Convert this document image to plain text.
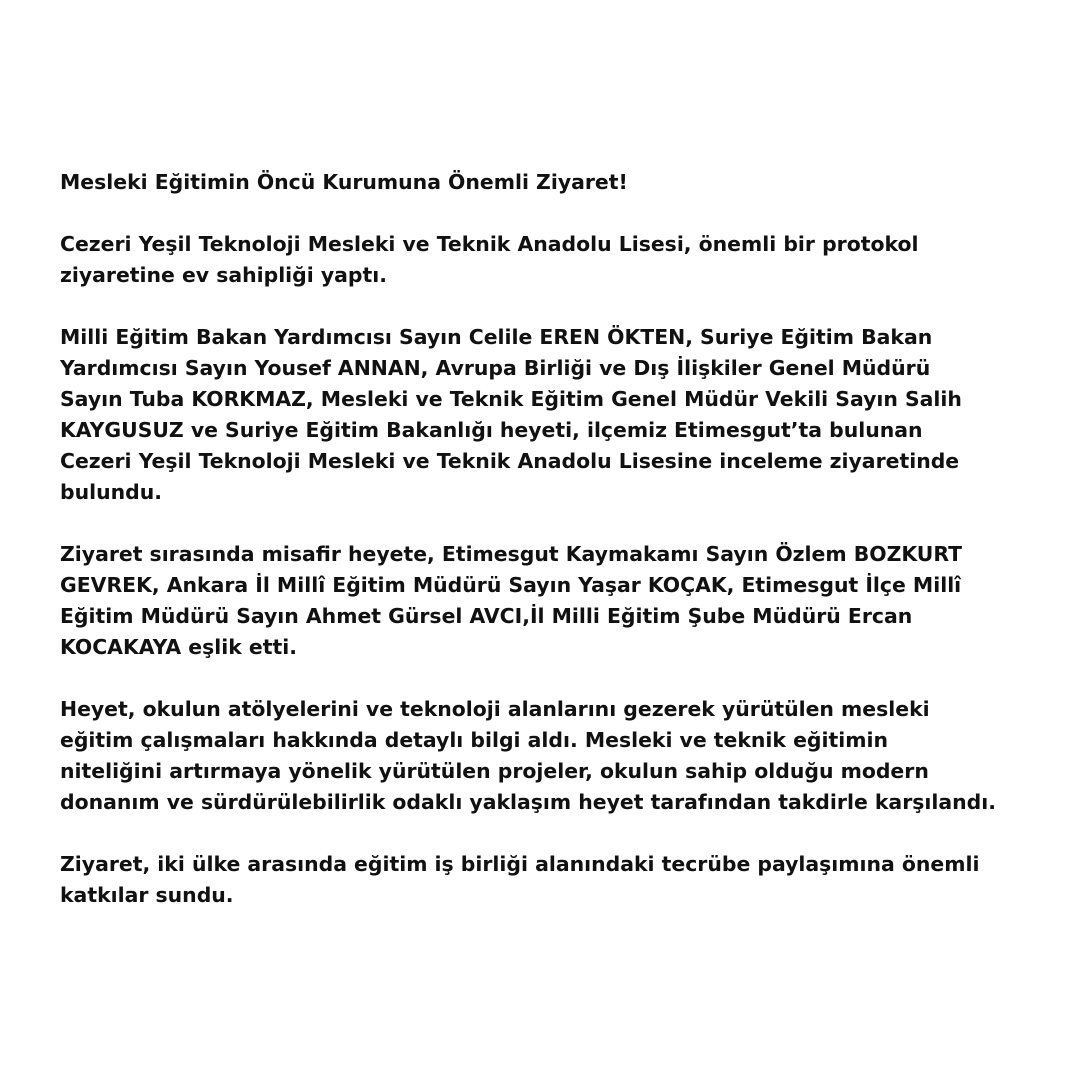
Mesleki Eğitimin Öncü Kurumuna Önemli Ziyaret!
Cezeri Yeşil Teknoloji Mesleki ve Teknik Anadolu Lisesi, önemli bir protokol
ziyaretine ev sahipliği yaptı.
Milli Eğitim Bakan Yardımcısı Sayın Celile EREN ÖKTEN, Suriye Eğitim Bakan
Yardımcısı Sayın Yousef ANNAN, Avrupa Birliği ve Dış İlişkiler Genel Müdürü
Sayın Tuba KORKMAZ, Mesleki ve Teknik Eğitim Genel Müdür Vekili Sayın Salih
KAYGUSUZ ve Suriye Eğitim Bakanlığı heyeti, ilçemiz Etimesgut’ta bulunan
Cezeri Yeşil Teknoloji Mesleki ve Teknik Anadolu Lisesine inceleme ziyaretinde
bulundu.
Ziyaret sırasında misafir heyete, Etimesgut Kaymakamı Sayın Özlem BOZKURT
GEVREK, Ankara İl Millî Eğitim Müdürü Sayın Yaşar KOÇAK, Etimesgut İlçe Millî
Eğitim Müdürü Sayın Ahmet Gürsel AVCI,İl Milli Eğitim Şube Müdürü Ercan
KOCAKAYA eşlik etti.
Heyet, okulun atölyelerini ve teknoloji alanlarını gezerek yürütülen mesleki
eğitim çalışmaları hakkında detaylı bilgi aldı. Mesleki ve teknik eğitimin
niteliğini artırmaya yönelik yürütülen projeler, okulun sahip olduğu modern
donanım ve sürdürülebilirlik odaklı yaklaşım heyet tarafından takdirle karşılandı.
Ziyaret, iki ülke arasında eğitim iş birliği alanındaki tecrübe paylaşımına önemli
katkılar sundu.
